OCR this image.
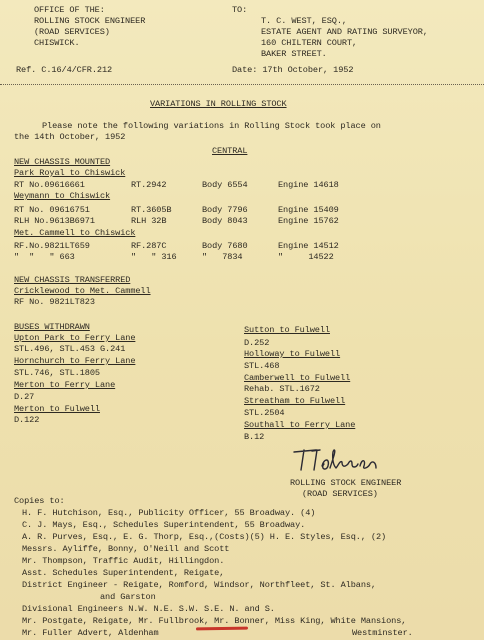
OFFICE OF THE:
ROLLING STOCK ENGINEER
(ROAD SERVICES)
CHISWICK.
TO:
T. C. WEST, ESQ.,
ESTATE AGENT AND RATING SURVEYOR,
160 CHILTERN COURT,
BAKER STREET.
Ref. C.16/4/CFR.212	Date: 17th October, 1952
VARIATIONS IN ROLLING STOCK
Please note the following variations in Rolling Stock took place on
the 14th October, 1952
CENTRAL
NEW CHASSIS MOUNTED
Park Royal to Chiswick
RT No.09616661	RT.2942	Body 6554	Engine 14618
Weymann to Chiswick
RT No. 09616751	RT.3605B	Body 7796	Engine 15409
RLH No.9613B6971	RLH 32B	Body 8043	Engine 15762
Met. Cammell to Chiswick
RF.No.9821LT659	RF.287C	Body 7680	Engine 14512
"  "   " 663	"   " 316	"   7834	"     14522
NEW CHASSIS TRANSFERRED
Cricklewood to Met. Cammell
RF No. 9821LT823
BUSES WITHDRAWN
Upton Park to Ferry Lane
STL.496, STL.453 G.241
Hornchurch to Ferry Lane
STL.746, STL.1805
Merton to Ferry Lane
D.27
Merton to Fulwell
D.122
Sutton to Fulwell
D.252
Holloway to Fulwell
STL.468
Camberwell to Fulwell
Rehab. STL.1672
Streatham to Fulwell
STL.2504
Southall to Ferry Lane
B.12
ROLLING STOCK ENGINEER
(ROAD SERVICES)
Copies to:
H. F. Hutchison, Esq., Publicity Officer, 55 Broadway. (4)
C. J. Mays, Esq., Schedules Superintendent, 55 Broadway.
A. R. Purves, Esq., E. G. Thorp, Esq.,(Costs)(5) H. E. Styles, Esq., (2)
Messrs. Ayliffe, Bonny, O'Neill and Scott
Mr. Thompson, Traffic Audit, Hillingdon.
Asst. Schedules Superintendent, Reigate,
District Engineer - Reigate, Romford, Windsor, Northfleet, St. Albans,
and Garston
Divisional Engineers N.W. N.E. S.W. S.E. N. and S.
Mr. Postgate, Reigate, Mr. Fullbrook, Mr. Bonner, Miss King, White Mansions,
Mr. Fuller Advert, Aldenham	Westminster.
